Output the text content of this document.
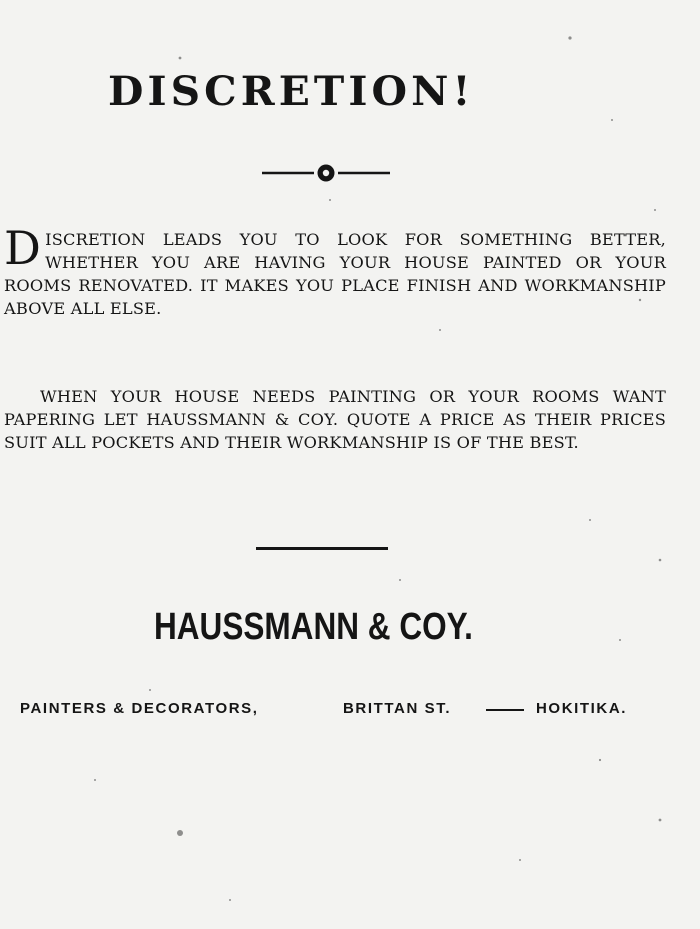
DISCRETION!

DISCRETION LEADS YOU TO LOOK FOR SOMETHING BETTER, WHETHER YOU ARE HAVING YOUR HOUSE PAINTED OR YOUR ROOMS RENOVATED. IT MAKES YOU PLACE FINISH AND WORKMANSHIP ABOVE ALL ELSE.

WHEN YOUR HOUSE NEEDS PAINTING OR YOUR ROOMS WANT PAPERING LET HAUSSMANN & COY. QUOTE A PRICE AS THEIR PRICES SUIT ALL POCKETS AND THEIR WORKMANSHIP IS OF THE BEST.

HAUSSMANN & COY.
PAINTERS & DECORATORS,	BRITTAN ST.	HOKITIKA.
